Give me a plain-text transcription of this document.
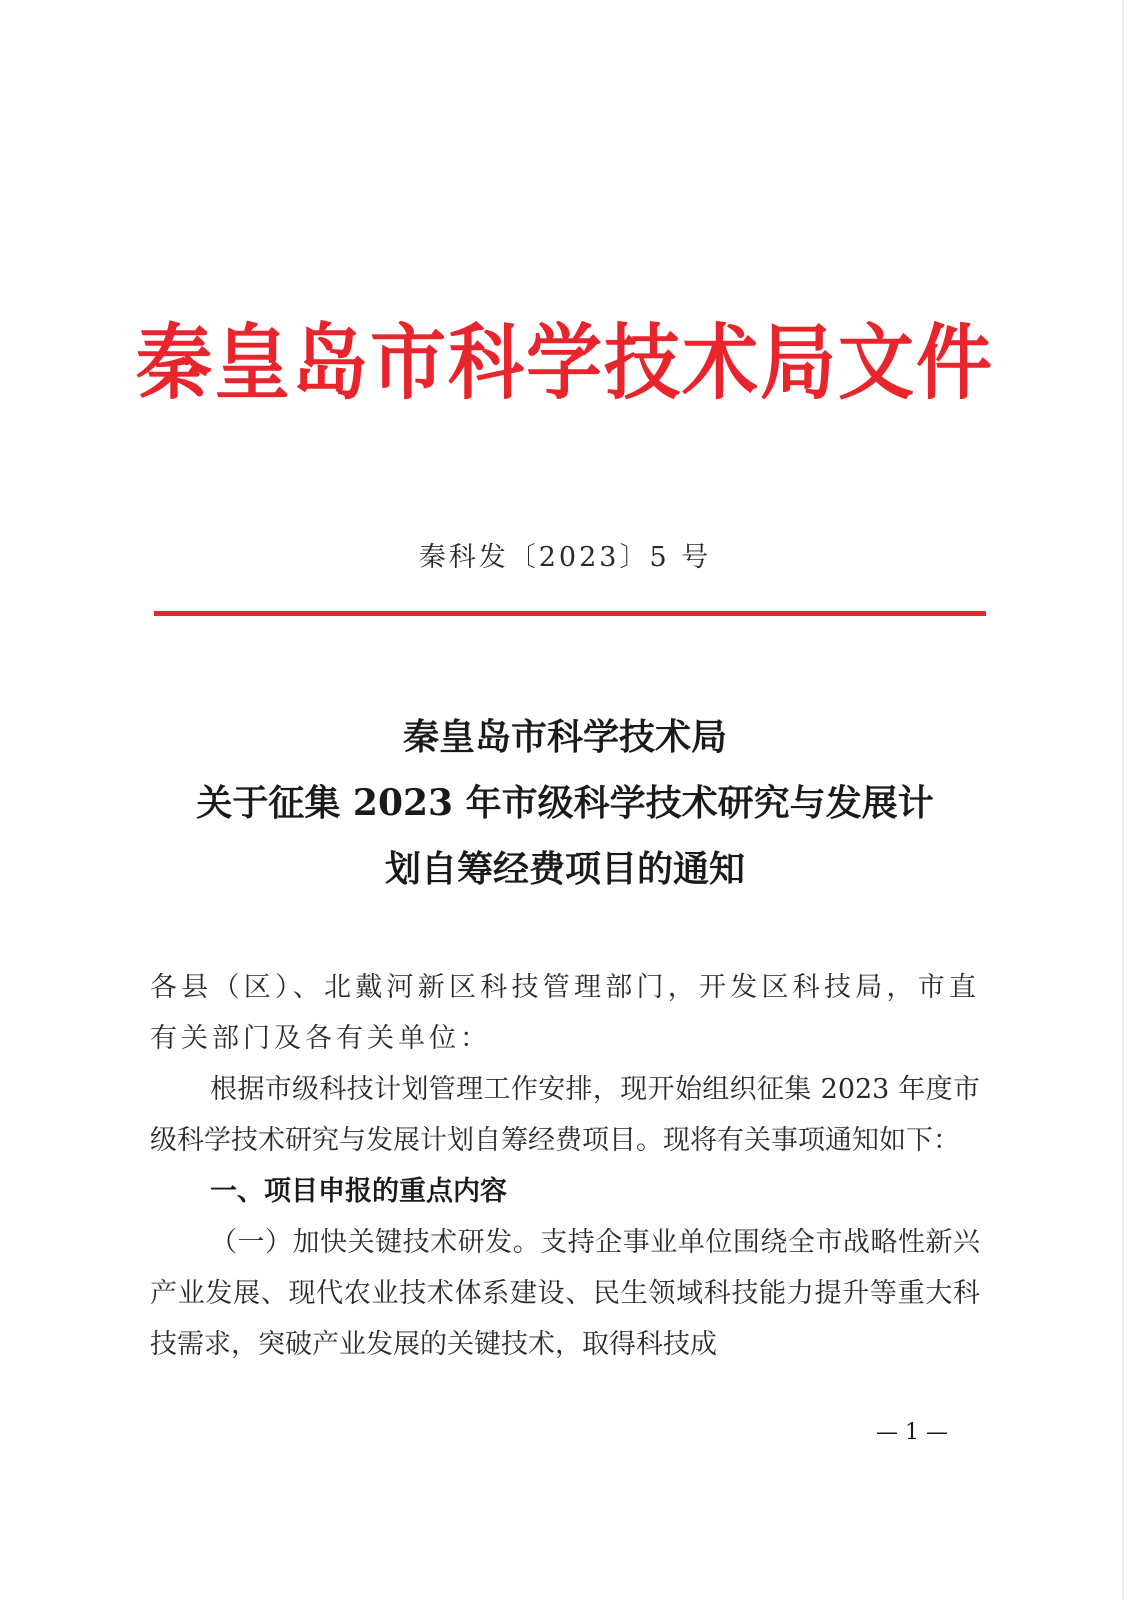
秦皇岛市科学技术局文件
秦科发〔2023〕5 号
秦皇岛市科学技术局
关于征集 2023 年市级科学技术研究与发展计
划自筹经费项目的通知

各县（区）、北戴河新区科技管理部门，开发区科技局，市直有关部门及各有关单位：

根据市级科技计划管理工作安排，现开始组织征集 2023 年度市级科学技术研究与发展计划自筹经费项目。现将有关事项通知如下：

一、项目申报的重点内容

（一）加快关键技术研发。支持企事业单位围绕全市战略性新兴产业发展、现代农业技术体系建设、民生领域科技能力提升等重大科技需求，突破产业发展的关键技术，取得科技成

— 1 —
